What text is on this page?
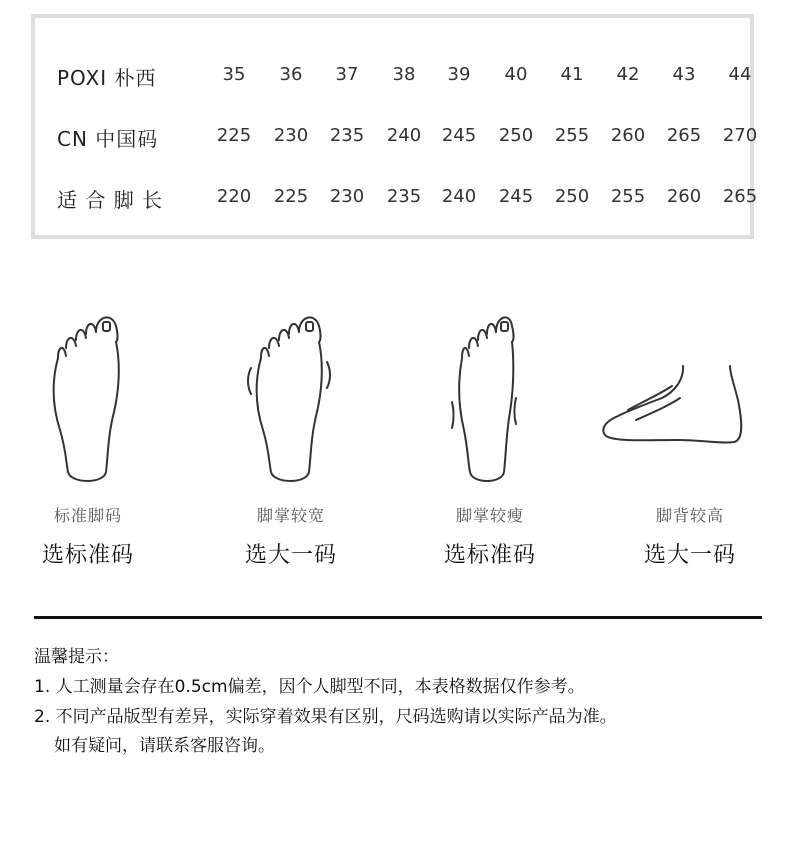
POXI 朴西	35	36	37	38	39	40	41	42	43	44
CN 中国码	225	230	235	240	245	250	255	260	265	270
适 合 脚 长	220	225	230	235	240	245	250	255	260	265
标准脚码
选标准码
脚掌较宽
选大一码
脚掌较瘦
选标准码
脚背较高
选大一码
温馨提示：
1. 人工测量会存在0.5cm偏差，因个人脚型不同，本表格数据仅作参考。
2. 不同产品版型有差异，实际穿着效果有区别，尺码选购请以实际产品为准。
如有疑问，请联系客服咨询。
